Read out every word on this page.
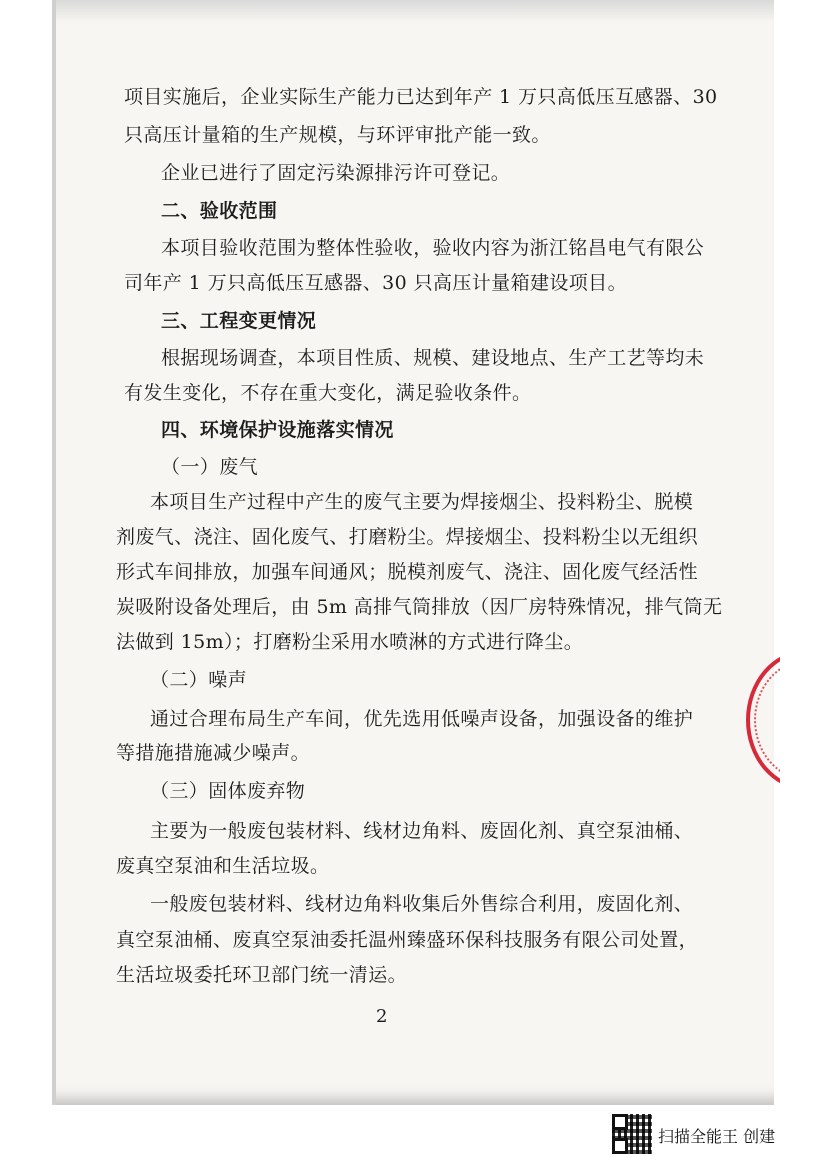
项目实施后，企业实际生产能力已达到年产 1 万只高低压互感器、30

只高压计量箱的生产规模，与环评审批产能一致。

企业已进行了固定污染源排污许可登记。

二、验收范围

本项目验收范围为整体性验收，验收内容为浙江铭昌电气有限公

司年产 1 万只高低压互感器、30 只高压计量箱建设项目。

三、工程变更情况

根据现场调查，本项目性质、规模、建设地点、生产工艺等均未

有发生变化，不存在重大变化，满足验收条件。

四、环境保护设施落实情况

（一）废气

本项目生产过程中产生的废气主要为焊接烟尘、投料粉尘、脱模

剂废气、浇注、固化废气、打磨粉尘。焊接烟尘、投料粉尘以无组织

形式车间排放，加强车间通风；脱模剂废气、浇注、固化废气经活性

炭吸附设备处理后，由 5m 高排气筒排放（因厂房特殊情况，排气筒无

法做到 15m）；打磨粉尘采用水喷淋的方式进行降尘。

（二）噪声

通过合理布局生产车间，优先选用低噪声设备，加强设备的维护

等措施措施减少噪声。

（三）固体废弃物

主要为一般废包装材料、线材边角料、废固化剂、真空泵油桶、

废真空泵油和生活垃圾。

一般废包装材料、线材边角料收集后外售综合利用，废固化剂、

真空泵油桶、废真空泵油委托温州臻盛环保科技服务有限公司处置，

生活垃圾委托环卫部门统一清运。

2

扫描全能王 创建
